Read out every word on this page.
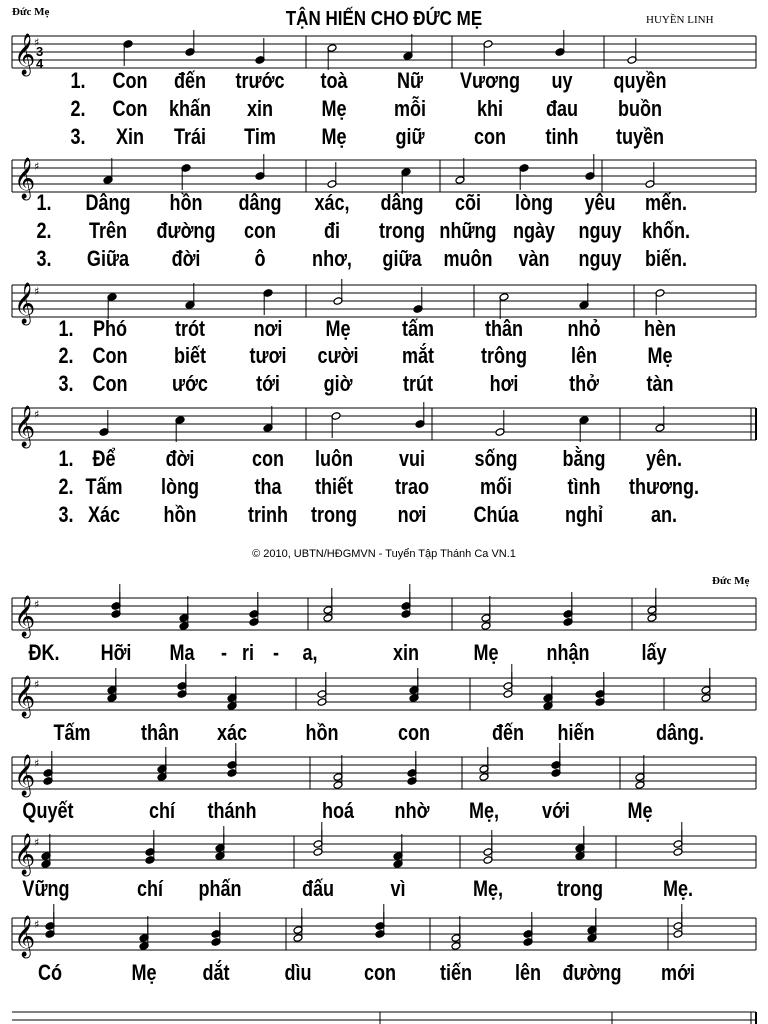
Đức Mẹ	TẬN HIẾN CHO ĐỨC MẸ	HUYỀN LINH
𝄞
♯
𝄞
♯
𝄞
♯
𝄞
♯
𝄞
♯
𝄞
♯
𝄞
♯
𝄞
♯
𝄞
♯
3
4
1. Con đến trước toà Nữ Vương uy quyền
2. Con khấn xin Mẹ mỗi khi đau buồn
3. Xin Trái Tim Mẹ giữ con tinh tuyền
1. Dâng hồn dâng xác, dâng cõi lòng yêu mến.
2. Trên đường con đi trong những ngày nguy khốn.
3. Giữa đời ô nhơ, giữa muôn vàn nguy biến.
1. Phó trót nơi Mẹ tấm thân nhỏ hèn
2. Con biết tươi cười mắt trông lên Mẹ
3. Con ước tới giờ trút	hơi thở tàn
1. Để đời	con luôn vui sống bằng yên.
2. Tấm lòng	tha thiết trao mối	tình thương.
3. Xác hồn trinh trong nơi Chúa nghỉ an.
ĐK. Hỡi Ma - ri - a,	xin Mẹ nhận lấy
Tấm thân xác	hồn	con	đến hiến	dâng.
Quyết	chí thánh	hoá nhờ Mẹ, với	Mẹ
Vững	chí phấn	đấu	vì	Mẹ, trong	Mẹ.
Có	Mẹ dắt dìu con tiến lên đường mới
© 2010, UBTN/HĐGMVN - Tuyển Tập Thánh Ca VN.1
Đức Mẹ
